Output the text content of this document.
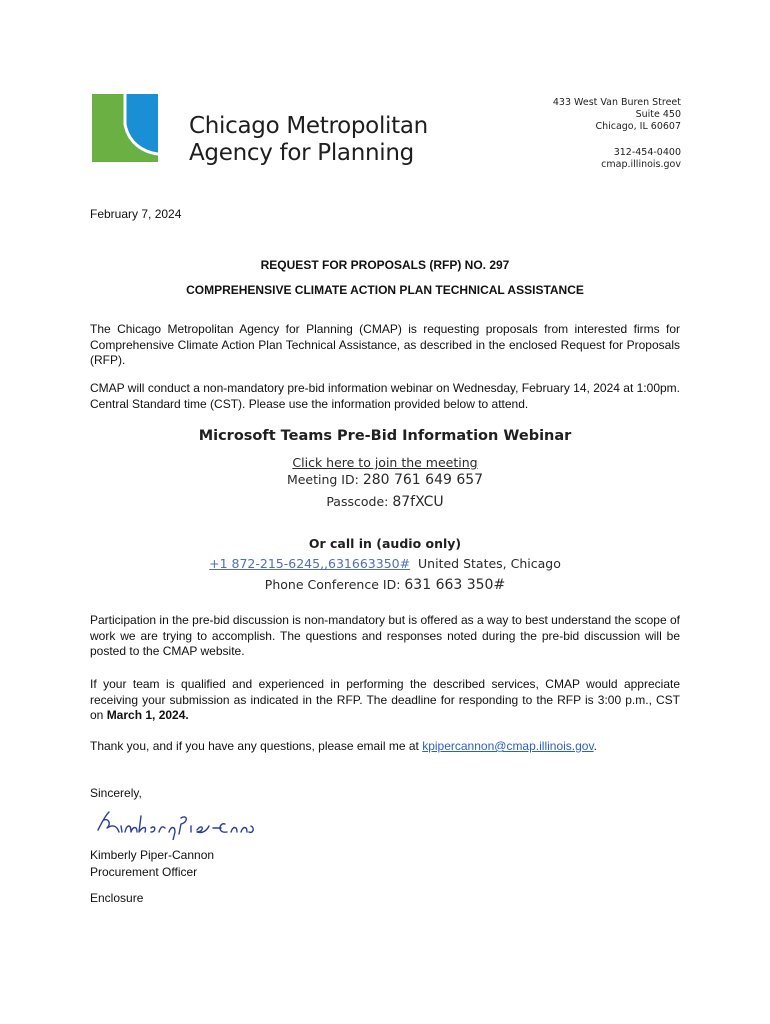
Chicago Metropolitan
Agency for Planning
433 West Van Buren Street
Suite 450
Chicago, IL 60607
312-454-0400
cmap.illinois.gov
February 7, 2024
REQUEST FOR PROPOSALS (RFP) NO. 297
COMPREHENSIVE CLIMATE ACTION PLAN TECHNICAL ASSISTANCE
The Chicago Metropolitan Agency for Planning (CMAP) is requesting proposals from interested firms for Comprehensive Climate Action Plan Technical Assistance, as described in the enclosed Request for Proposals (RFP).
CMAP will conduct a non-mandatory pre-bid information webinar on Wednesday, February 14, 2024 at 1:00pm. Central Standard time (CST). Please use the information provided below to attend.
Microsoft Teams Pre-Bid Information Webinar
Click here to join the meeting
Meeting ID: 280 761 649 657
Passcode: 87fXCU
Or call in (audio only)
+1 872-215-6245,,631663350# United States, Chicago
Phone Conference ID: 631 663 350#
Participation in the pre-bid discussion is non-mandatory but is offered as a way to best understand the scope of work we are trying to accomplish. The questions and responses noted during the pre-bid discussion will be posted to the CMAP website.
If your team is qualified and experienced in performing the described services, CMAP would appreciate receiving your submission as indicated in the RFP. The deadline for responding to the RFP is 3:00 p.m., CST on March 1, 2024.
Thank you, and if you have any questions, please email me at kpipercannon@cmap.illinois.gov.
Sincerely,
Kimberly Piper-Cannon
Procurement Officer
Enclosure
